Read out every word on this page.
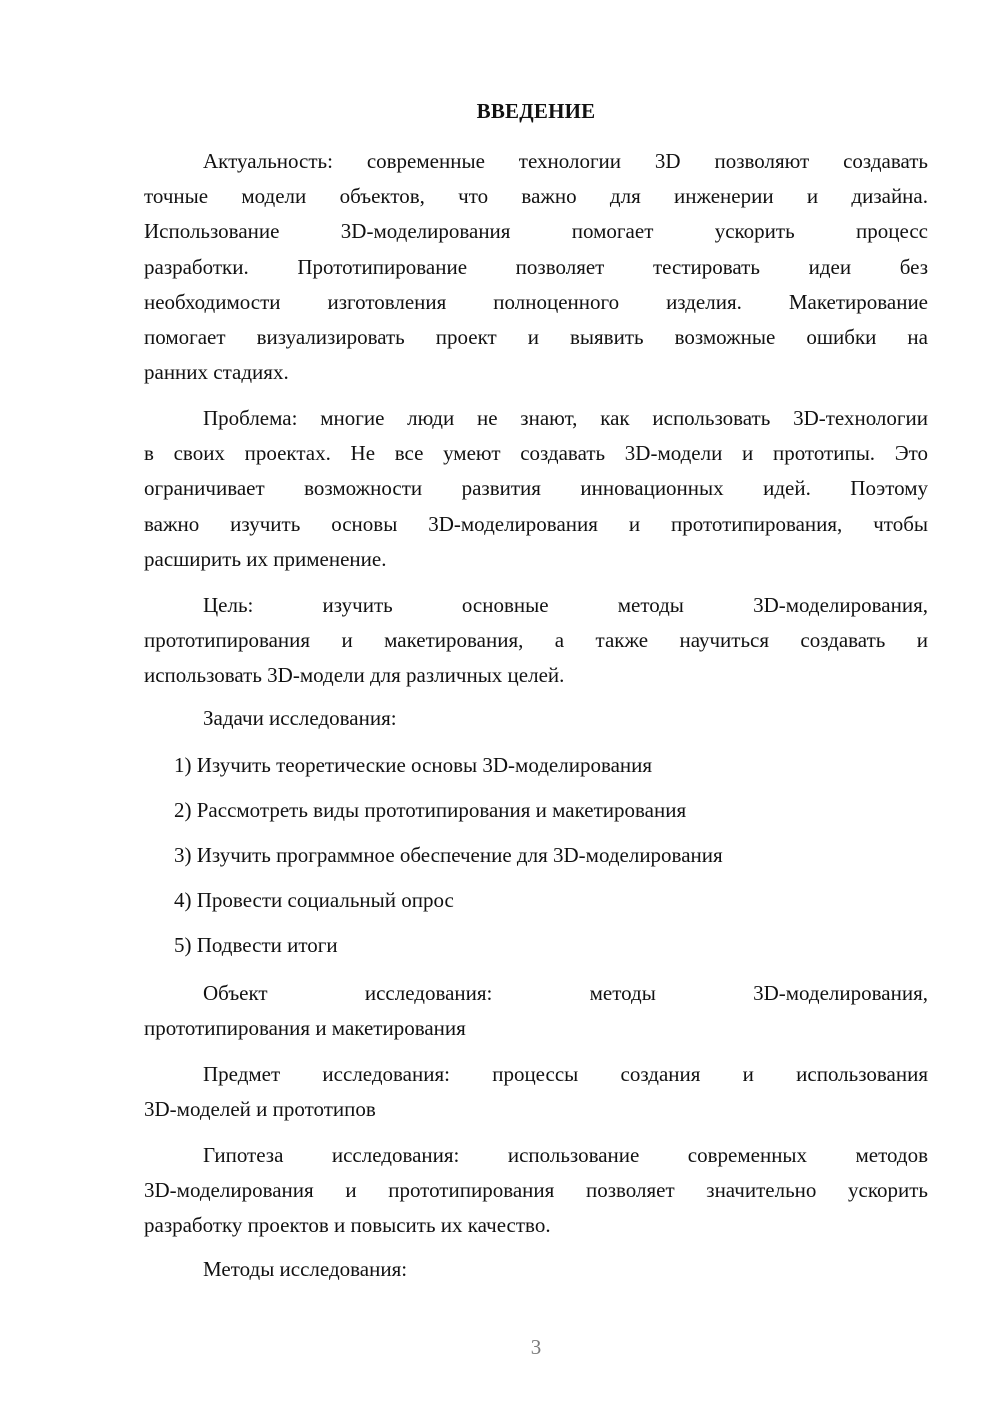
ВВЕДЕНИЕ
Актуальность: современные технологии 3D позволяют создавать
точные модели объектов, что важно для инженерии и дизайна.
Использование 3D-моделирования помогает ускорить процесс
разработки. Прототипирование позволяет тестировать идеи без
необходимости изготовления полноценного изделия. Макетирование
помогает визуализировать проект и выявить возможные ошибки на
ранних стадиях.
Проблема: многие люди не знают, как использовать 3D-технологии
в своих проектах. Не все умеют создавать 3D-модели и прототипы. Это
ограничивает возможности развития инновационных идей. Поэтому
важно изучить основы 3D-моделирования и прототипирования, чтобы
расширить их применение.
Цель: изучить основные методы 3D-моделирования,
прототипирования и макетирования, а также научиться создавать и
использовать 3D-модели для различных целей.
Задачи исследования:
1) Изучить теоретические основы 3D-моделирования
2) Рассмотреть виды прототипирования и макетирования
3) Изучить программное обеспечение для 3D-моделирования
4) Провести социальный опрос
5) Подвести итоги
Объект исследования: методы 3D-моделирования,
прототипирования и макетирования
Предмет исследования: процессы создания и использования
3D-моделей и прототипов
Гипотеза исследования: использование современных методов
3D-моделирования и прототипирования позволяет значительно ускорить
разработку проектов и повысить их качество.
Методы исследования:
3
